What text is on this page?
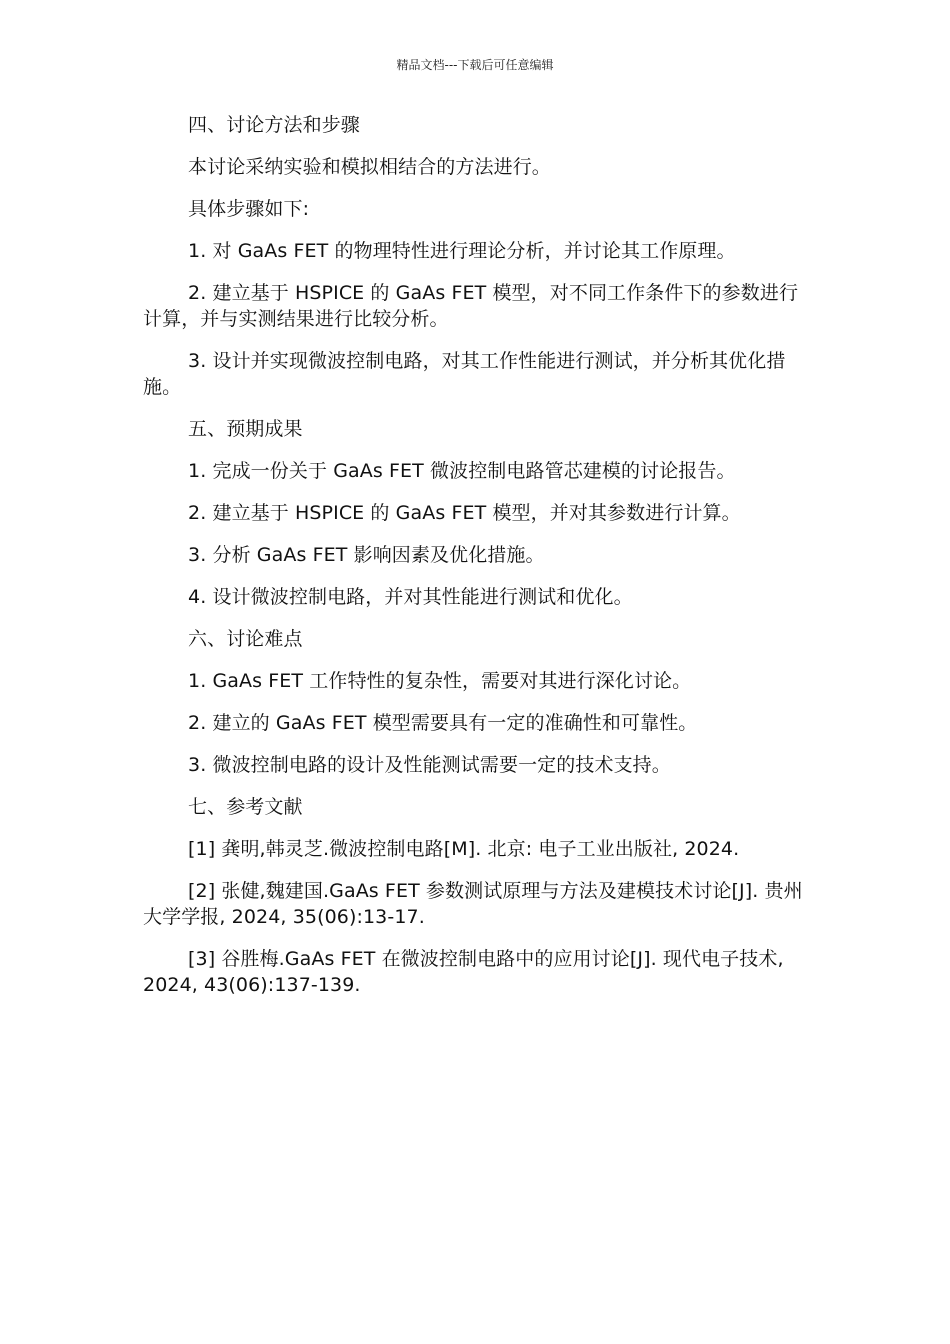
精品文档---下载后可任意编辑

四、讨论方法和步骤

本讨论采纳实验和模拟相结合的方法进行。

具体步骤如下:

1. 对 GaAs FET 的物理特性进行理论分析，并讨论其工作原理。

2. 建立基于 HSPICE 的 GaAs FET 模型，对不同工作条件下的参数进行计算，并与实测结果进行比较分析。

3. 设计并实现微波控制电路，对其工作性能进行测试，并分析其优化措施。

五、预期成果

1. 完成一份关于 GaAs FET 微波控制电路管芯建模的讨论报告。

2. 建立基于 HSPICE 的 GaAs FET 模型，并对其参数进行计算。

3. 分析 GaAs FET 影响因素及优化措施。

4. 设计微波控制电路，并对其性能进行测试和优化。

六、讨论难点

1. GaAs FET 工作特性的复杂性，需要对其进行深化讨论。

2. 建立的 GaAs FET 模型需要具有一定的准确性和可靠性。

3. 微波控制电路的设计及性能测试需要一定的技术支持。

七、参考文献

[1] 龚明,韩灵芝.微波控制电路[M]. 北京: 电子工业出版社, 2024.

[2] 张健,魏建国.GaAs FET 参数测试原理与方法及建模技术讨论[J]. 贵州大学学报, 2024, 35(06):13-17.

[3] 谷胜梅.GaAs FET 在微波控制电路中的应用讨论[J]. 现代电子技术, 2024, 43(06):137-139.
